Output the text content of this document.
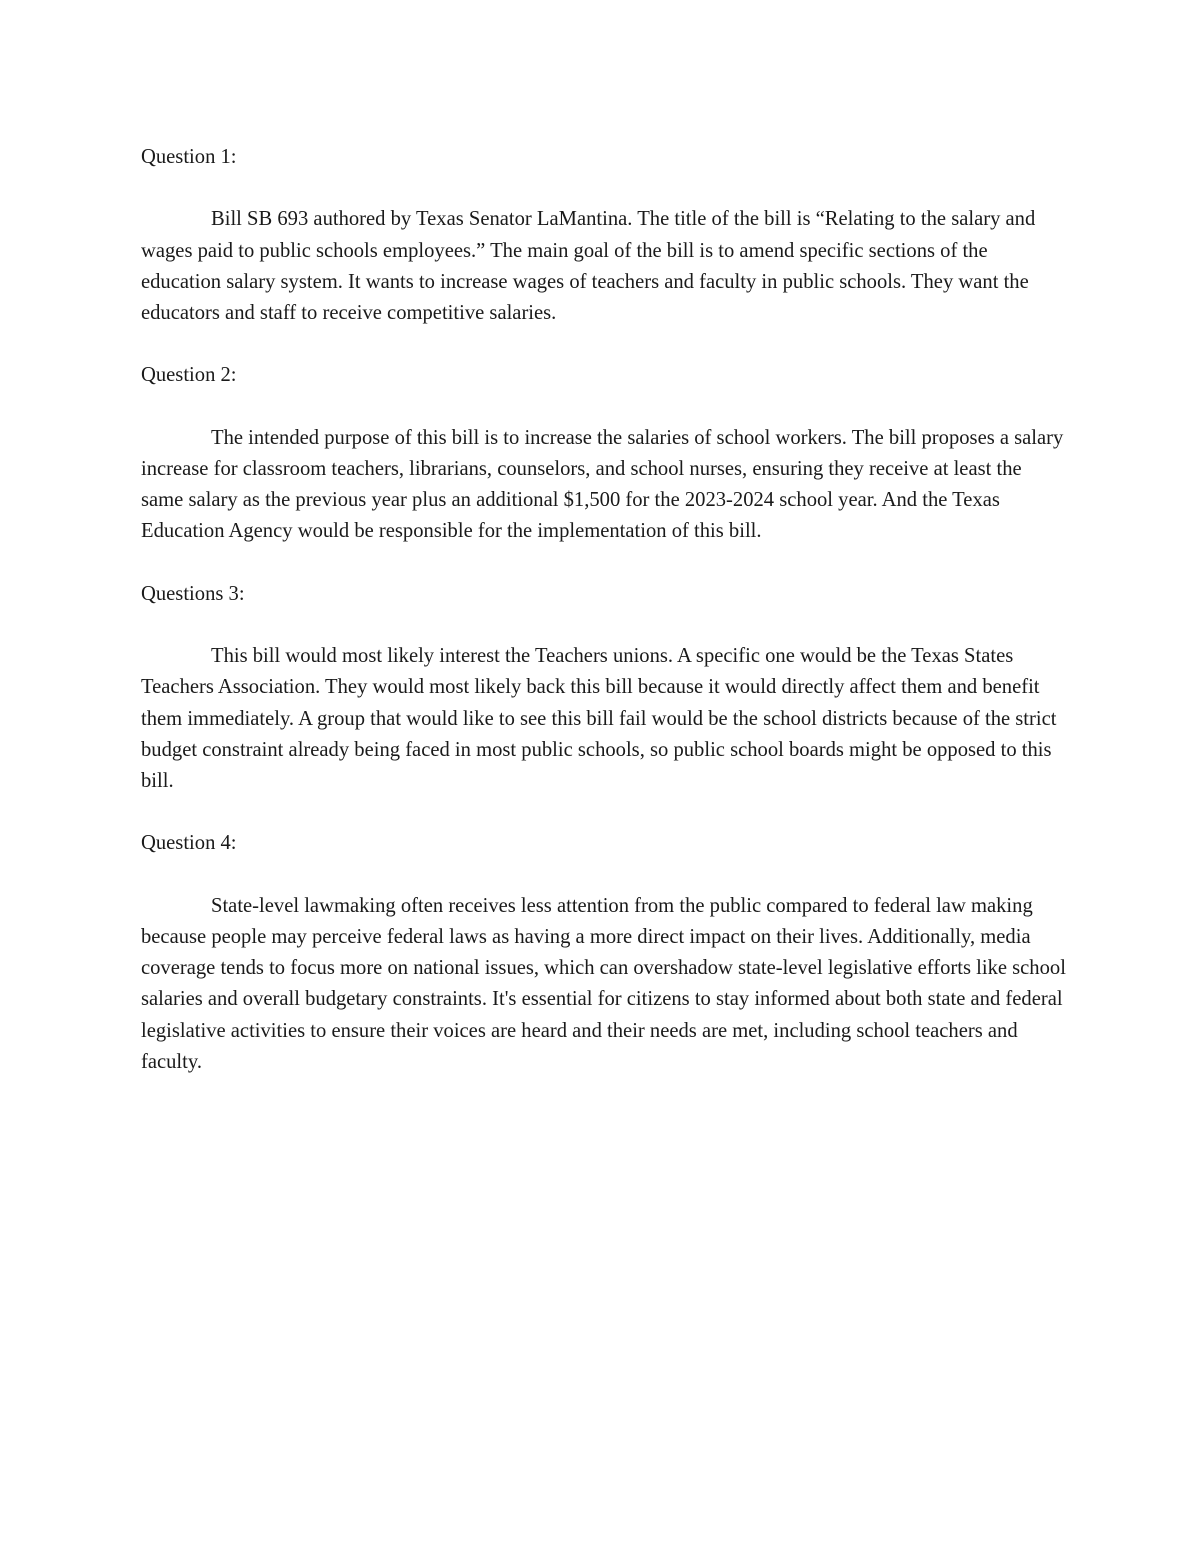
Question 1:

Bill SB 693 authored by Texas Senator LaMantina. The title of the bill is “Relating to the salary and wages paid to public schools employees.” The main goal of the bill is to amend specific sections of the education salary system. It wants to increase wages of teachers and faculty in public schools. They want the educators and staff to receive competitive salaries.

Question 2:

The intended purpose of this bill is to increase the salaries of school workers. The bill proposes a salary increase for classroom teachers, librarians, counselors, and school nurses, ensuring they receive at least the same salary as the previous year plus an additional $1,500 for the 2023-2024 school year. And the Texas Education Agency would be responsible for the implementation of this bill.

Questions 3:

This bill would most likely interest the Teachers unions. A specific one would be the Texas States Teachers Association. They would most likely back this bill because it would directly affect them and benefit them immediately. A group that would like to see this bill fail would be the school districts because of the strict budget constraint already being faced in most public schools, so public school boards might be opposed to this bill.

Question 4:

State-level lawmaking often receives less attention from the public compared to federal law making because people may perceive federal laws as having a more direct impact on their lives. Additionally, media coverage tends to focus more on national issues, which can overshadow state-level legislative efforts like school salaries and overall budgetary constraints. It's essential for citizens to stay informed about both state and federal legislative activities to ensure their voices are heard and their needs are met, including school teachers and faculty.
